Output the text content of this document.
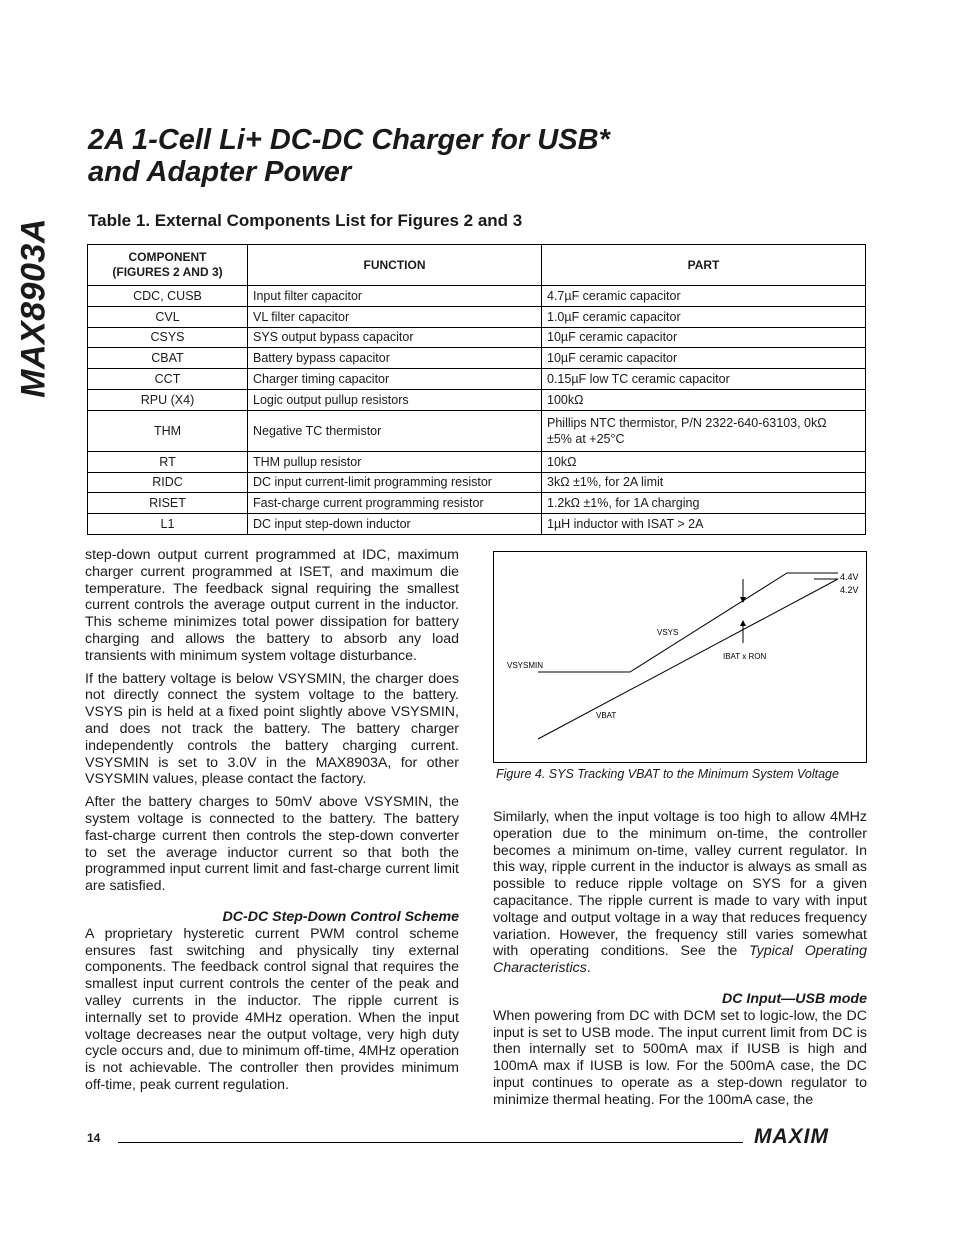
MAX8903A
2A 1-Cell Li+ DC-DC Charger for USB*
and Adapter Power
Table 1. External Components List for Figures 2 and 3
COMPONENT
(FIGURES 2 AND 3)	FUNCTION	PART
CDC, CUSB	Input filter capacitor	4.7µF ceramic capacitor
CVL	VL filter capacitor	1.0µF ceramic capacitor
CSYS	SYS output bypass capacitor	10µF ceramic capacitor
CBAT	Battery bypass capacitor	10µF ceramic capacitor
CCT	Charger timing capacitor	0.15µF low TC ceramic capacitor
RPU (X4)	Logic output pullup resistors	100kΩ
THM	Negative TC thermistor	Phillips NTC thermistor, P/N 2322-640-63103, 0kΩ
±5% at +25°C

RT	THM pullup resistor	10kΩ
RIDC	DC input current-limit programming resistor	3kΩ ±1%, for 2A limit
RISET	Fast-charge current programming resistor	1.2kΩ ±1%, for 1A charging
L1	DC input step-down inductor	1µH inductor with ISAT > 2A

step-down output current programmed at IDC, maximum charger current programmed at ISET, and maximum die temperature. The feedback signal requiring the smallest current controls the average output current in the inductor. This scheme minimizes total power dissipation for battery charging and allows the battery to absorb any load transients with minimum system voltage disturbance.

If the battery voltage is below VSYSMIN, the charger does not directly connect the system voltage to the battery. VSYS pin is held at a fixed point slightly above VSYSMIN, and does not track the battery. The battery charger independently controls the battery charging current. VSYSMIN is set to 3.0V in the MAX8903A, for other VSYSMIN values, please contact the factory.

After the battery charges to 50mV above VSYSMIN, the system voltage is connected to the battery. The battery fast-charge current then controls the step-down converter to set the average inductor current so that both the programmed input current limit and fast-charge current limit are satisfied.

DC-DC Step-Down Control Scheme

A proprietary hysteretic current PWM control scheme ensures fast switching and physically tiny external components. The feedback control signal that requires the smallest input current controls the center of the peak and valley currents in the inductor. The ripple current is internally set to provide 4MHz operation. When the input voltage decreases near the output voltage, very high duty cycle occurs and, due to minimum off-time, 4MHz operation is not achievable. The controller then provides minimum off-time, peak current regulation.

4.4V
4.2V
VSYS
VSYSMIN
VBAT
IBAT x RON
Figure 4. SYS Tracking VBAT to the Minimum System Voltage

Similarly, when the input voltage is too high to allow 4MHz operation due to the minimum on-time, the controller becomes a minimum on-time, valley current regulator. In this way, ripple current in the inductor is always as small as possible to reduce ripple voltage on SYS for a given capacitance. The ripple current is made to vary with input voltage and output voltage in a way that reduces frequency variation. However, the frequency still varies somewhat with operating conditions. See the Typical Operating Characteristics.

DC Input—USB mode

When powering from DC with DCM set to logic-low, the DC input is set to USB mode. The input current limit from DC is then internally set to 500mA max if IUSB is high and 100mA max if IUSB is low. For the 500mA case, the DC input continues to operate as a step-down regulator to minimize thermal heating. For the 100mA case, the

14	MAXIM
